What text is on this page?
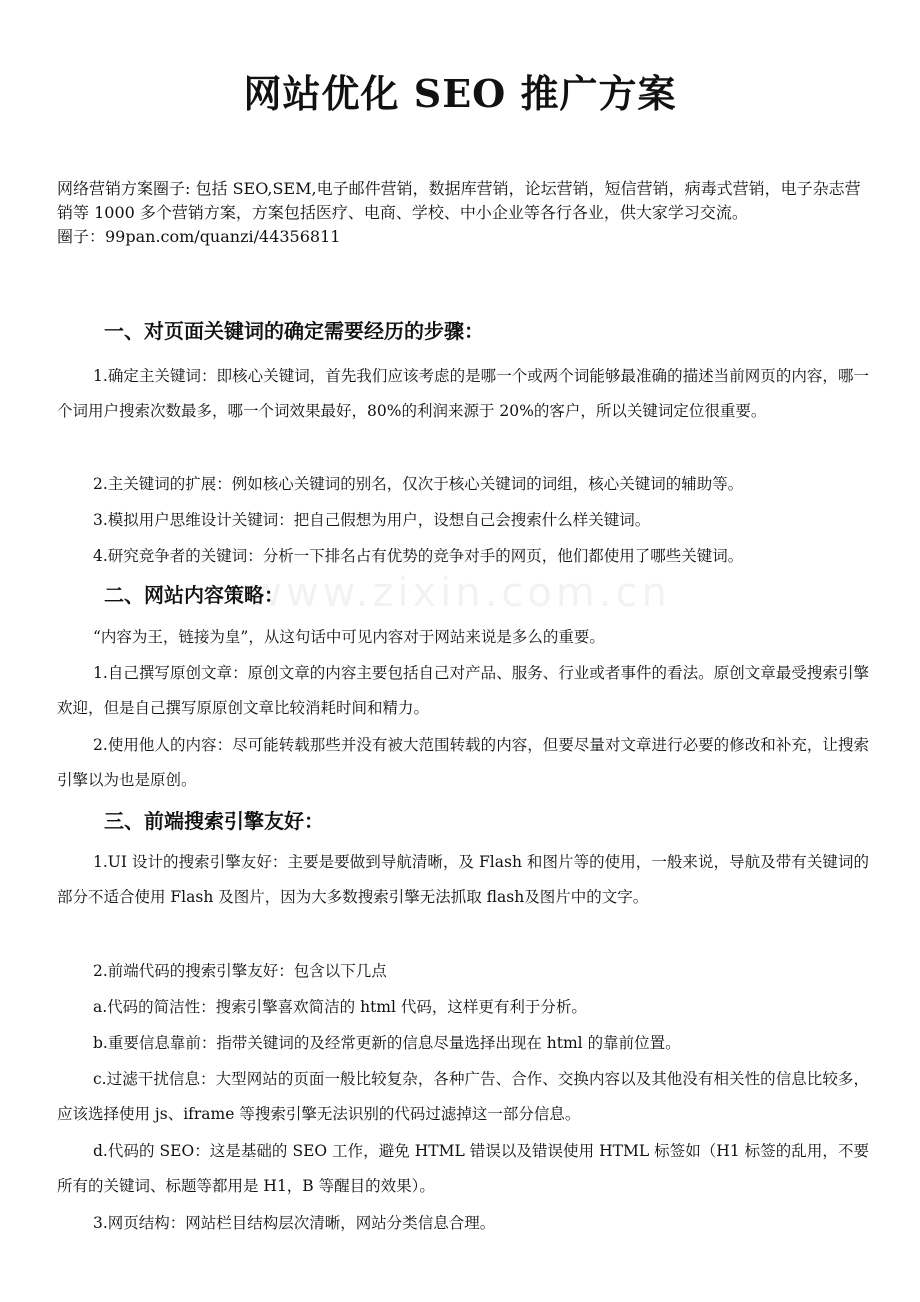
www.zixin.com.cn
网站优化 SEO 推广方案

网络营销方案圈子: 包括 SEO,SEM,电子邮件营销，数据库营销，论坛营销，短信营销，病毒式营销，电子杂志营销等 1000 多个营销方案，方案包括医疗、电商、学校、中小企业等各行各业，供大家学习交流。

圈子：99pan.com/quanzi/44356811

一、对页面关键词的确定需要经历的步骤：

1.确定主关键词：即核心关键词，首先我们应该考虑的是哪一个或两个词能够最准确的描述当前网页的内容，哪一个词用户搜索次数最多，哪一个词效果最好，80%的利润来源于 20%的客户，所以关键词定位很重要。

2.主关键词的扩展：例如核心关键词的别名，仅次于核心关键词的词组，核心关键词的辅助等。

3.模拟用户思维设计关键词：把自己假想为用户，设想自己会搜索什么样关键词。

4.研究竞争者的关键词：分析一下排名占有优势的竞争对手的网页，他们都使用了哪些关键词。

二、网站内容策略：

“内容为王，链接为皇”，从这句话中可见内容对于网站来说是多么的重要。

1.自己撰写原创文章：原创文章的内容主要包括自己对产品、服务、行业或者事件的看法。原创文章最受搜索引擎欢迎，但是自己撰写原原创文章比较消耗时间和精力。

2.使用他人的内容：尽可能转载那些并没有被大范围转载的内容，但要尽量对文章进行必要的修改和补充，让搜索引擎以为也是原创。

三、前端搜索引擎友好：

1.UI 设计的搜索引擎友好：主要是要做到导航清晰，及 Flash 和图片等的使用，一般来说，导航及带有关键词的部分不适合使用 Flash 及图片，因为大多数搜索引擎无法抓取 flash及图片中的文字。

2.前端代码的搜索引擎友好：包含以下几点

a.代码的简洁性：搜索引擎喜欢简洁的 html 代码，这样更有利于分析。

b.重要信息靠前：指带关键词的及经常更新的信息尽量选择出现在 html 的靠前位置。

c.过滤干扰信息：大型网站的页面一般比较复杂，各种广告、合作、交换内容以及其他没有相关性的信息比较多，应该选择使用 js、iframe 等搜索引擎无法识别的代码过滤掉这一部分信息。

d.代码的 SEO：这是基础的 SEO 工作，避免 HTML 错误以及错误使用 HTML 标签如（H1 标签的乱用，不要所有的关键词、标题等都用是 H1，B 等醒目的效果）。

3.网页结构：网站栏目结构层次清晰，网站分类信息合理。
